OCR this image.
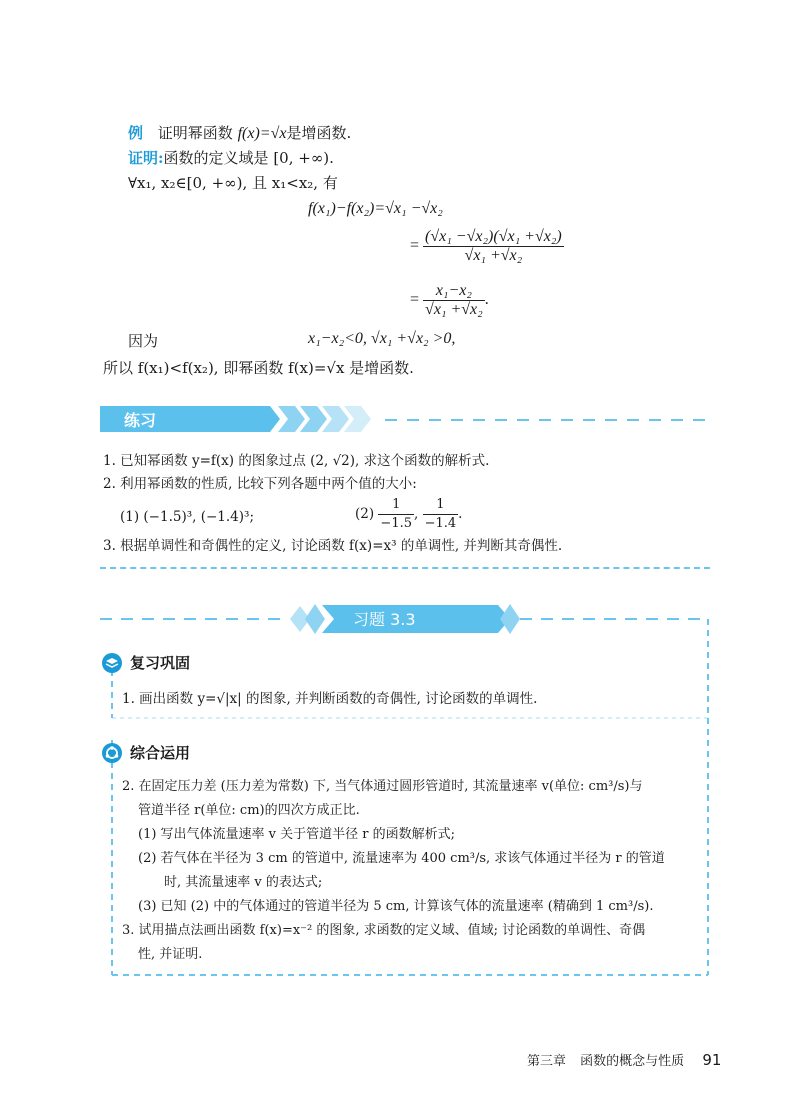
例 证明幂函数 f(x)=√x是增函数.
证明:函数的定义域是 [0, +∞).
∀x₁, x₂∈[0, +∞), 且 x₁<x₂, 有
f(x₁)−f(x₂)=√x₁ −√x₂
= $\frac{\text{(√x₁ −√x₂)(√x₁ +√x₂)}}{\text{√x₁ +√x₂}}$
= $\frac{\text{x₁−x₂}}{\text{√x₁ +√x₂}}$ .
因为	x₁−x₂<0, √x₁ +√x₂ >0,
所以 f(x₁)<f(x₂), 即幂函数 f(x)=√x 是增函数.
练习
1. 已知幂函数 y=f(x) 的图象过点 (2, √2), 求这个函数的解析式.
2. 利用幂函数的性质, 比较下列各题中两个值的大小:
(1) (−1.5)³, (−1.4)³;	$(2) \frac{1}{-1.5}$ , $\frac{1}{-1.4}$ .
3. 根据单调性和奇偶性的定义, 讨论函数 f(x)=x³ 的单调性, 并判断其奇偶性.
习题 3.3
复习巩固
1. 画出函数 y=√|x| 的图象, 并判断函数的奇偶性, 讨论函数的单调性.
综合运用
2. 在固定压力差 (压力差为常数) 下, 当气体通过圆形管道时, 其流量速率 v(单位: cm³/s)与
管道半径 r(单位: cm)的四次方成正比.
(1) 写出气体流量速率 v 关于管道半径 r 的函数解析式;
(2) 若气体在半径为 3 cm 的管道中, 流量速率为 400 cm³/s, 求该气体通过半径为 r 的管道
时, 其流量速率 v 的表达式;
(3) 已知 (2) 中的气体通过的管道半径为 5 cm, 计算该气体的流量速率 (精确到 1 cm³/s).
3. 试用描点法画出函数 f(x)=x⁻² 的图象, 求函数的定义域、值域; 讨论函数的单调性、奇偶
性, 并证明.
第三章 函数的概念与性质 91
